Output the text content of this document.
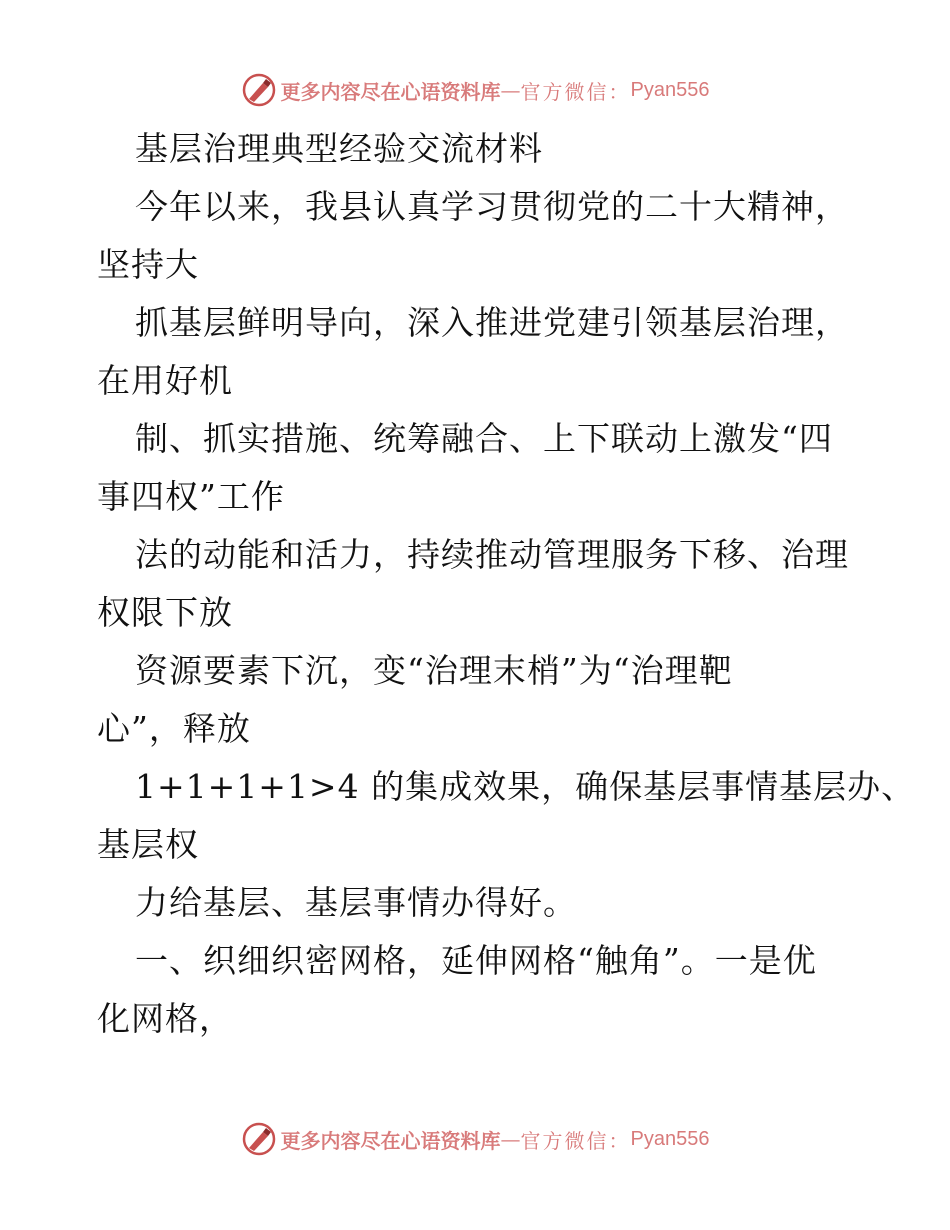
更多内容尽在心语资料库 — 官方微信： Pyan556
基层治理典型经验交流材料
今年以来，我县认真学习贯彻党的二十大精神，
坚持大
抓基层鲜明导向，深入推进党建引领基层治理，
在用好机
制、抓实措施、统筹融合、上下联动上激发“四
事四权”工作
法的动能和活力，持续推动管理服务下移、治理
权限下放
资源要素下沉，变“治理末梢”为“治理靶
心”，释放
1+1+1+1>4 的集成效果，确保基层事情基层办、
基层权
力给基层、基层事情办得好。
一、织细织密网格，延伸网格“触角”。一是优
化网格，
更多内容尽在心语资料库 — 官方微信： Pyan556
